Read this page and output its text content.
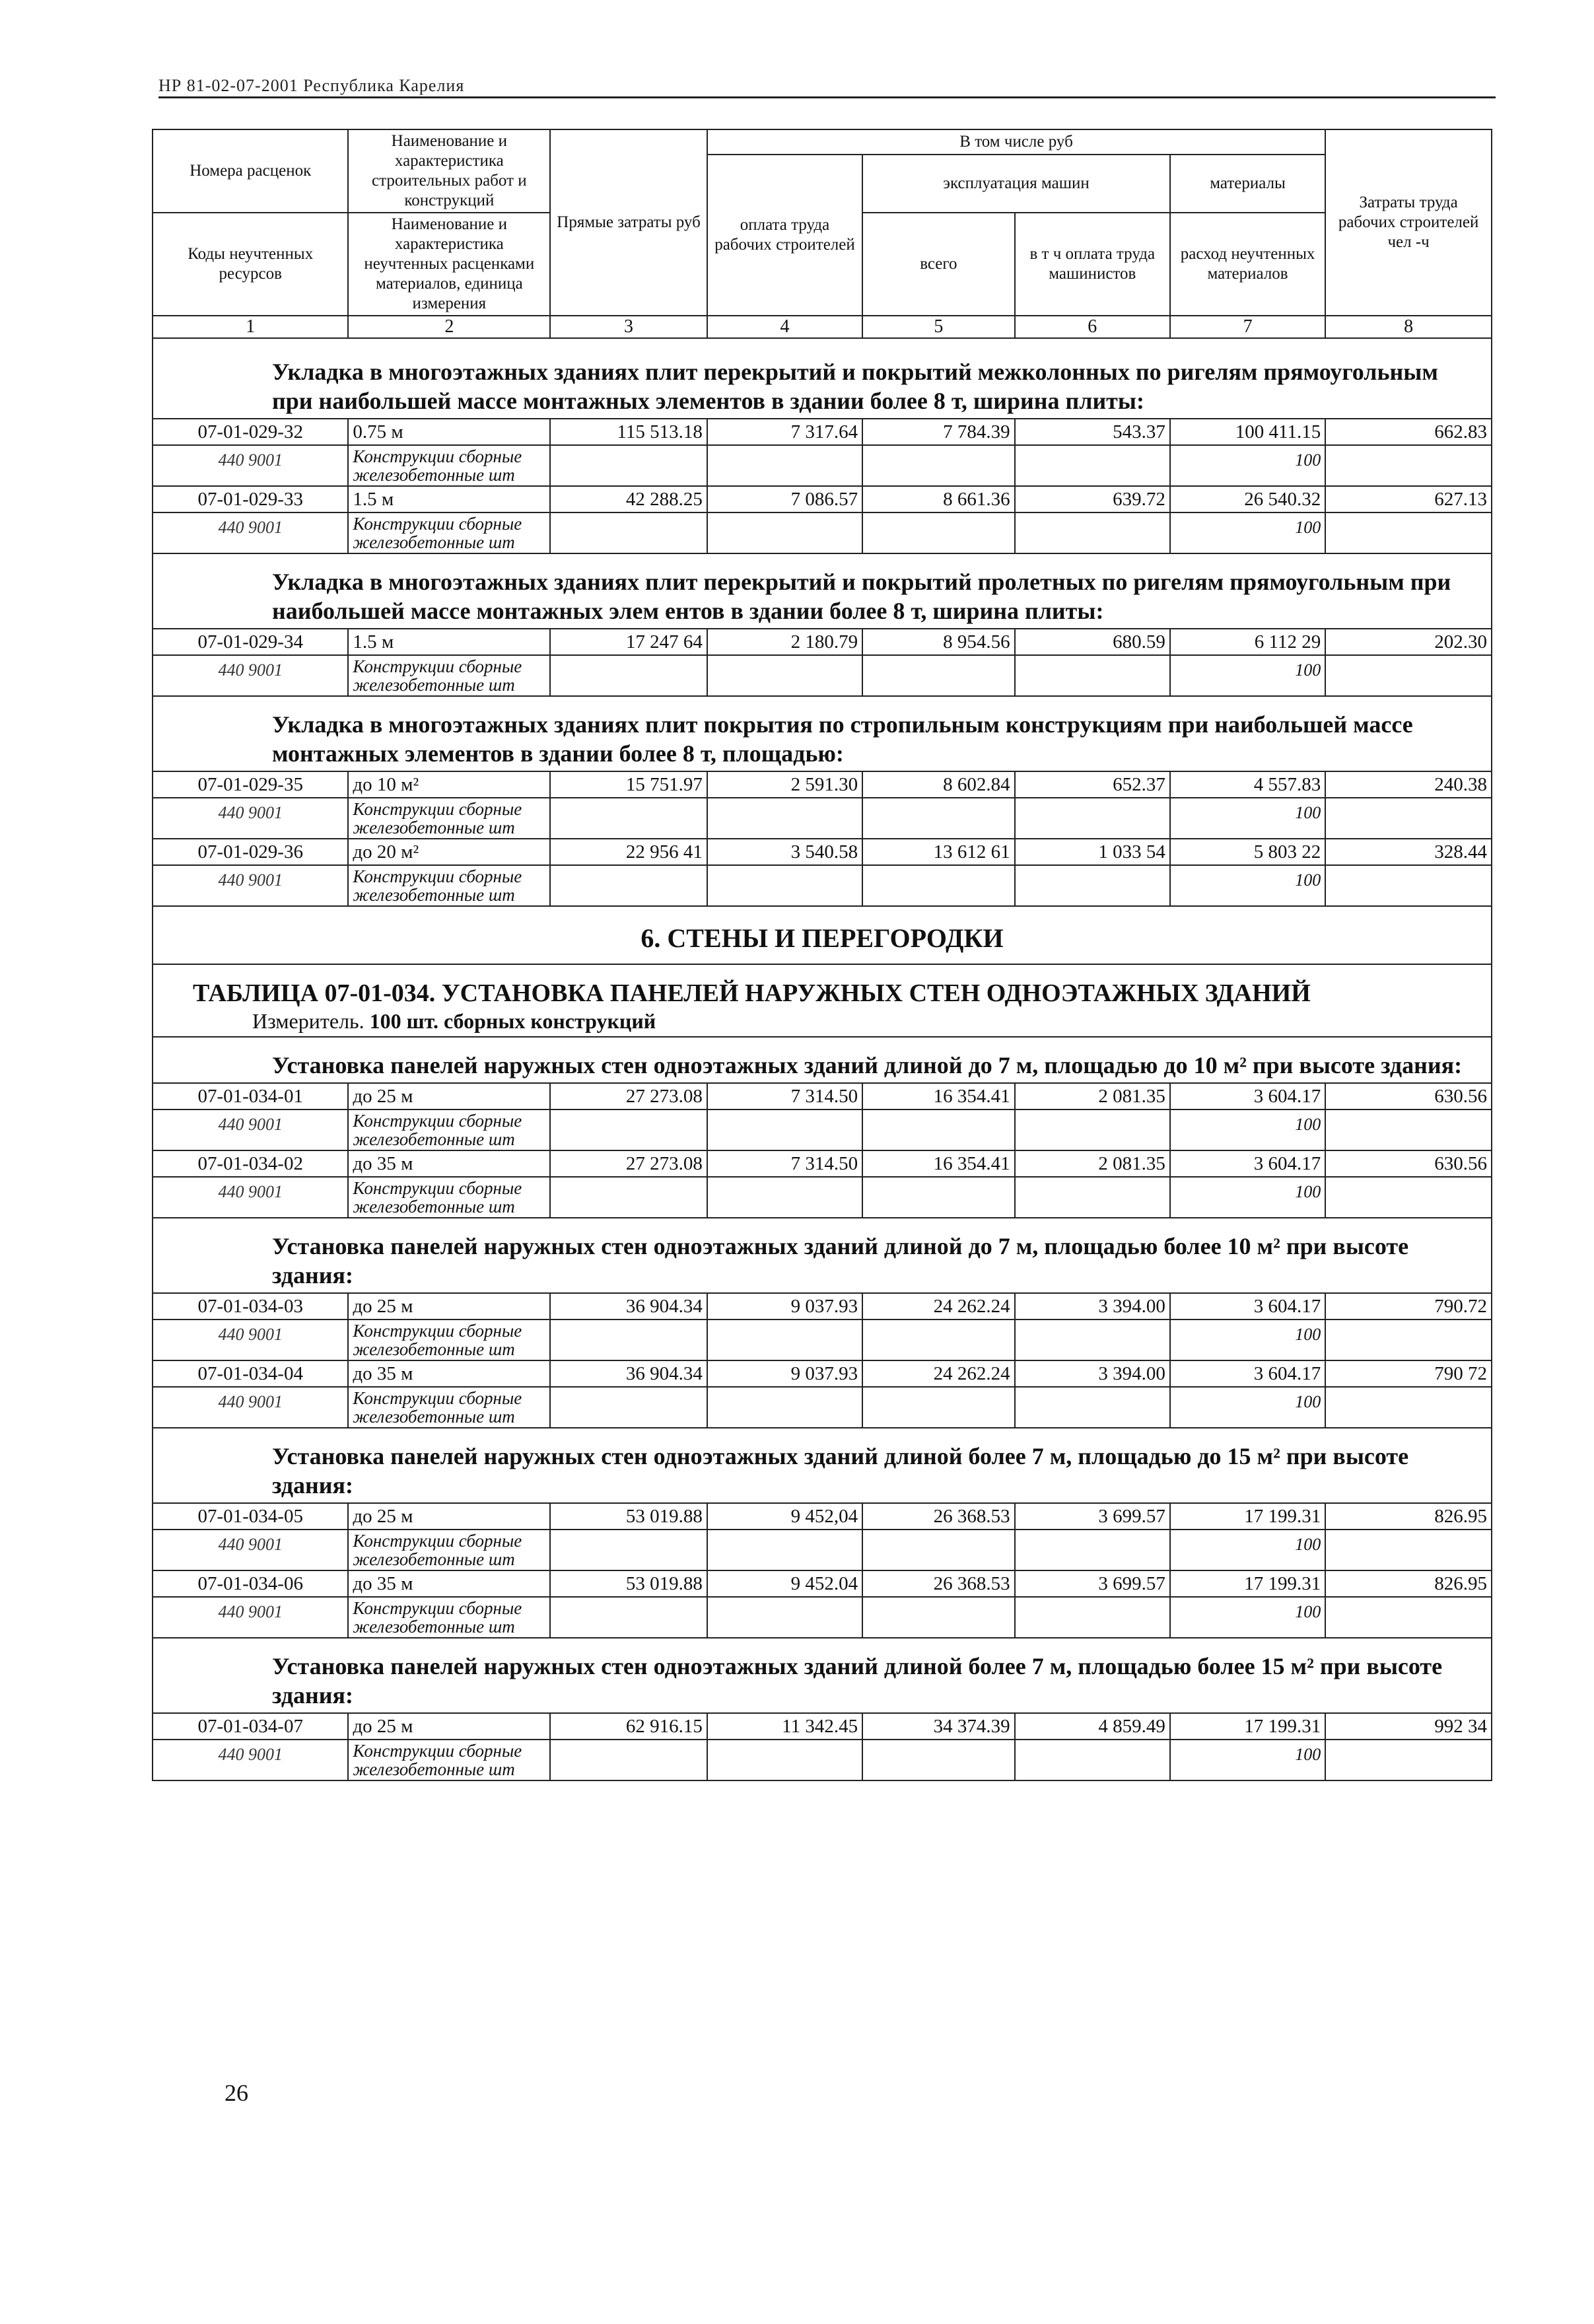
НР 81-02-07-2001 Республика Карелия
Номера расценок	Наименование и характеристика строительных работ и конструкций	Прямые затраты руб	В том числе руб				Затраты труда рабочих строителей чел -ч
			оплата труда рабочих строителей	эксплуатация машин		материалы	
Коды неучтенных ресурсов	Наименование и характеристика неучтенных расценками материалов, единица измерения			всего	в т ч оплата труда машинистов	расход неучтенных материалов	

1	2	3	4	5	6	7	8
Укладка в многоэтажных зданиях плит перекрытий и покрытий межколонных по ригелям прямоугольным при наибольшей массе монтажных элементов в здании более 8 т, ширина плиты:							
07-01-029-32	0.75 м	115 513.18	7 317.64	7 784.39	543.37	100 411.15	662.83
440 9001	Конструкции сборные железобетонные шт					100	
07-01-029-33	1.5 м	42 288.25	7 086.57	8 661.36	639.72	26 540.32	627.13
440 9001	Конструкции сборные железобетонные шт					100	
Укладка в многоэтажных зданиях плит перекрытий и покрытий пролетных по ригелям прямоугольным при наибольшей массе монтажных элем ентов в здании более 8 т, ширина плиты:							
07-01-029-34	1.5 м	17 247 64	2 180.79	8 954.56	680.59	6 112 29	202.30
440 9001	Конструкции сборные железобетонные шт					100	
Укладка в многоэтажных зданиях плит покрытия по стропильным конструкциям при наибольшей массе монтажных элементов в здании более 8 т, площадью:							
07-01-029-35	до 10 м²	15 751.97	2 591.30	8 602.84	652.37	4 557.83	240.38
440 9001	Конструкции сборные железобетонные шт					100	
07-01-029-36	до 20 м²	22 956 41	3 540.58	13 612 61	1 033 54	5 803 22	328.44
440 9001	Конструкции сборные железобетонные шт					100	
6. СТЕНЫ И ПЕРЕГОРОДКИ							
ТАБЛИЦА 07-01-034. УСТАНОВКА ПАНЕЛЕЙ НАРУЖНЫХ СТЕН ОДНОЭТАЖНЫХ ЗДАНИЙ							
Измеритель. 100 шт. сборных конструкций							
Установка панелей наружных стен одноэтажных зданий длиной до 7 м, площадью до 10 м² при высоте здания:							
07-01-034-01	до 25 м	27 273.08	7 314.50	16 354.41	2 081.35	3 604.17	630.56
440 9001	Конструкции сборные железобетонные шт					100	
07-01-034-02	до 35 м	27 273.08	7 314.50	16 354.41	2 081.35	3 604.17	630.56
440 9001	Конструкции сборные железобетонные шт					100	
Установка панелей наружных стен одноэтажных зданий длиной до 7 м, площадью более 10 м² при высоте здания:							
07-01-034-03	до 25 м	36 904.34	9 037.93	24 262.24	3 394.00	3 604.17	790.72
440 9001	Конструкции сборные железобетонные шт					100	
07-01-034-04	до 35 м	36 904.34	9 037.93	24 262.24	3 394.00	3 604.17	790 72
440 9001	Конструкции сборные железобетонные шт					100	
Установка панелей наружных стен одноэтажных зданий длиной более 7 м, площадью до 15 м² при высоте здания:							
07-01-034-05	до 25 м	53 019.88	9 452,04	26 368.53	3 699.57	17 199.31	826.95
440 9001	Конструкции сборные железобетонные шт					100	
07-01-034-06	до 35 м	53 019.88	9 452.04	26 368.53	3 699.57	17 199.31	826.95
440 9001	Конструкции сборные железобетонные шт					100	
Установка панелей наружных стен одноэтажных зданий длиной более 7 м, площадью более 15 м² при высоте здания:							
07-01-034-07	до 25 м	62 916.15	11 342.45	34 374.39	4 859.49	17 199.31	992 34
440 9001	Конструкции сборные железобетонные шт					100	
26
